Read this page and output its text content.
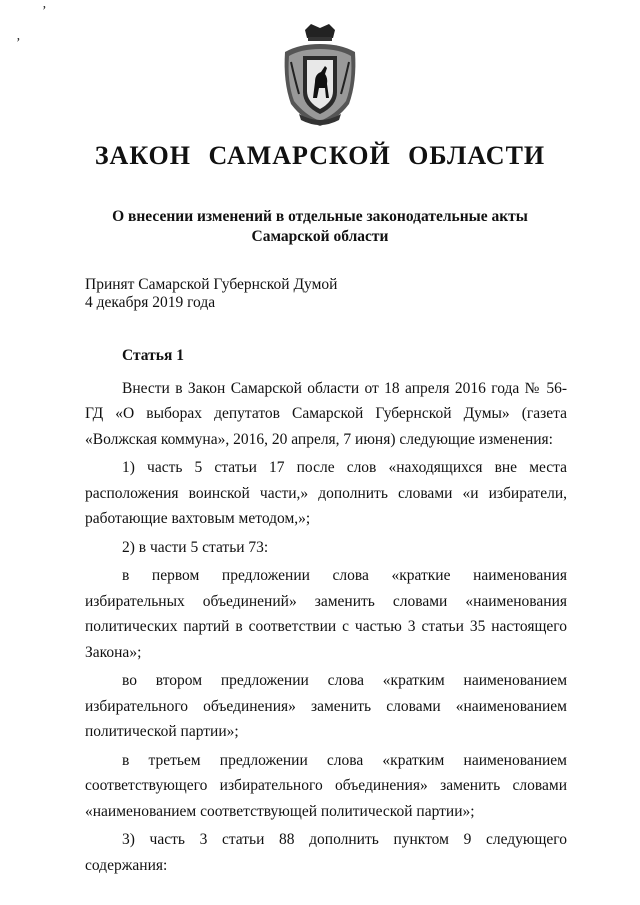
ʼ
ʼ
ЗАКОН САМАРСКОЙ ОБЛАСТИ
О внесении изменений в отдельные законодательные акты Самарской области
Принят Самарской Губернской Думой
4 декабря 2019 года
Статья 1
Внести в Закон Самарской области от 18 апреля 2016 года № 56-ГД «О выборах депутатов Самарской Губернской Думы» (газета «Волжская коммуна», 2016, 20 апреля, 7 июня) следующие изменения:
1) часть 5 статьи 17 после слов «находящихся вне места расположения воинской части,» дополнить словами «и избиратели, работающие вахтовым методом,»;
2) в части 5 статьи 73:
в первом предложении слова «краткие наименования избирательных объединений» заменить словами «наименования политических партий в соответствии с частью 3 статьи 35 настоящего Закона»;
во втором предложении слова «кратким наименованием избирательного объединения» заменить словами «наименованием политической партии»;
в третьем предложении слова «кратким наименованием соответствующего избирательного объединения» заменить словами «наименованием соответствующей политической партии»;
3) часть 3 статьи 88 дополнить пунктом 9 следующего содержания:
